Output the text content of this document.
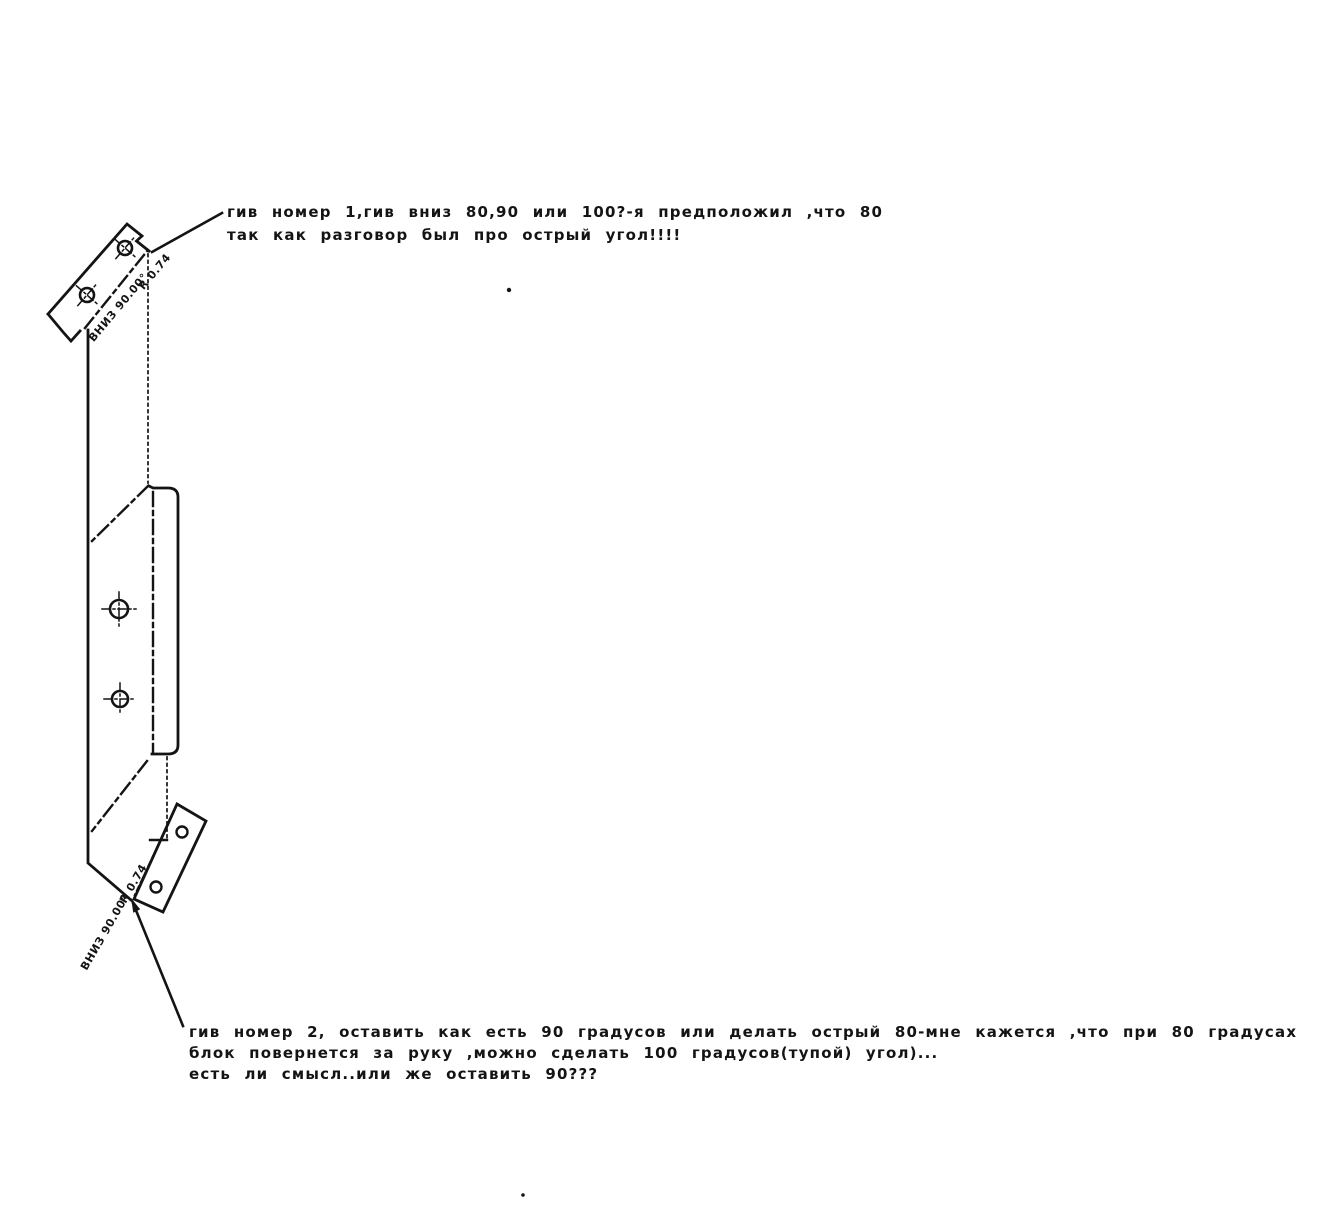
гив номер 1,гив вниз 80,90 или 100?-я предположил ,что 80
так как разговор был про острый угол!!!!
гив номер 2, оставить как есть 90 градусов или делать острый 80-мне кажется ,что при 80 градусах
блок повернется за руку ,можно сделать 100 градусов(тупой) угол)...
есть ли смысл..или же оставить 90???
ВНИЗ 90.00°
R 0.74
ВНИЗ 90.00°
R 0.74
